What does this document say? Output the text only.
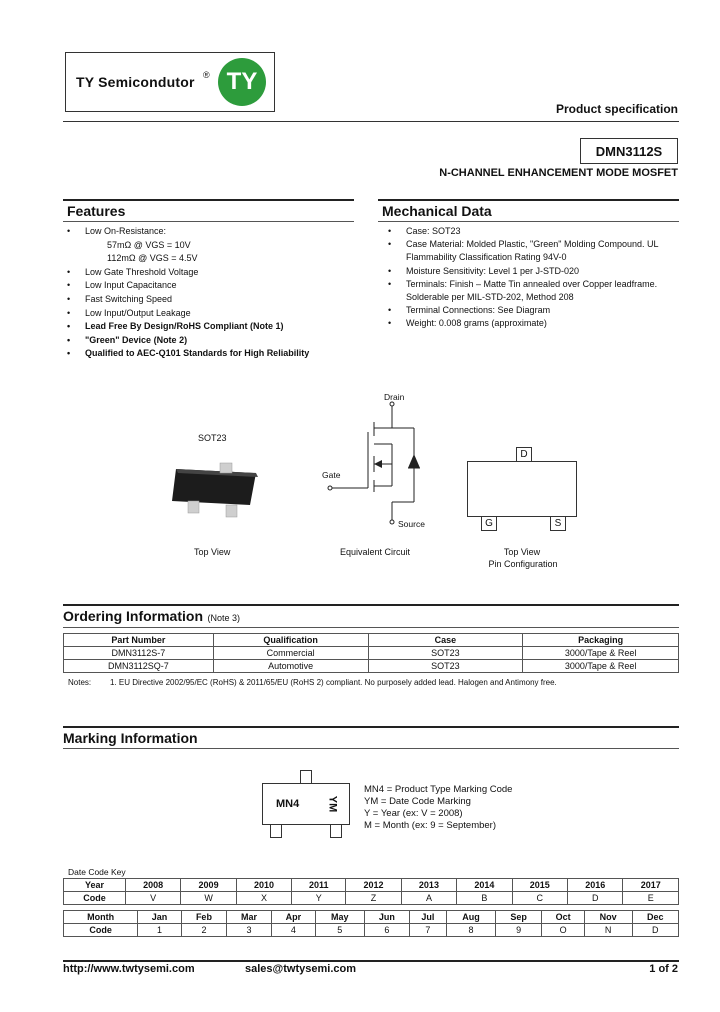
TY Semicondutor ® TY
Product specification
DMN3112S
N-CHANNEL ENHANCEMENT MODE MOSFET
Features
• Low On-Resistance:
57mΩ @ VGS = 10V
112mΩ @ VGS = 4.5V
• Low Gate Threshold Voltage
• Low Input Capacitance
• Fast Switching Speed
• Low Input/Output Leakage
• Lead Free By Design/RoHS Compliant (Note 1)
• "Green" Device (Note 2)
• Qualified to AEC-Q101 Standards for High Reliability
Mechanical Data
• Case: SOT23
• Case Material: Molded Plastic, "Green" Molding Compound. UL Flammability Classification Rating 94V-0
• Moisture Sensitivity: Level 1 per J-STD-020
• Terminals: Finish – Matte Tin annealed over Copper leadframe. Solderable per MIL-STD-202, Method 208
• Terminal Connections: See Diagram
• Weight: 0.008 grams (approximate)
SOT23
Top View
Drain
Gate
Source
Equivalent Circuit
D
G	S
Top View
Pin Configuration
Ordering Information (Note 3)
Part Number	Qualification	Case	Packaging
DMN3112S-7	Commercial	SOT23	3000/Tape & Reel
DMN3112SQ-7	Automotive	SOT23	3000/Tape & Reel
Notes: 1. EU Directive 2002/95/EC (RoHS) & 2011/65/EU (RoHS 2) compliant. No purposely added lead. Halogen and Antimony free.
Marking Information
MN4 YM
MN4 = Product Type Marking Code
YM = Date Code Marking
Y = Year (ex: V = 2008)
M = Month (ex: 9 = September)
Date Code Key
Year	2008	2009	2010	2011	2012	2013	2014	2015	2016	2017
Code	V	W	X	Y	Z	A	B	C	D	E
Month	Jan	Feb	Mar	Apr	May	Jun	Jul	Aug	Sep	Oct	Nov	Dec
Code	1	2	3	4	5	6	7	8	9	O	N	D
http://www.twtysemi.com	sales@twtysemi.com	1 of 2
